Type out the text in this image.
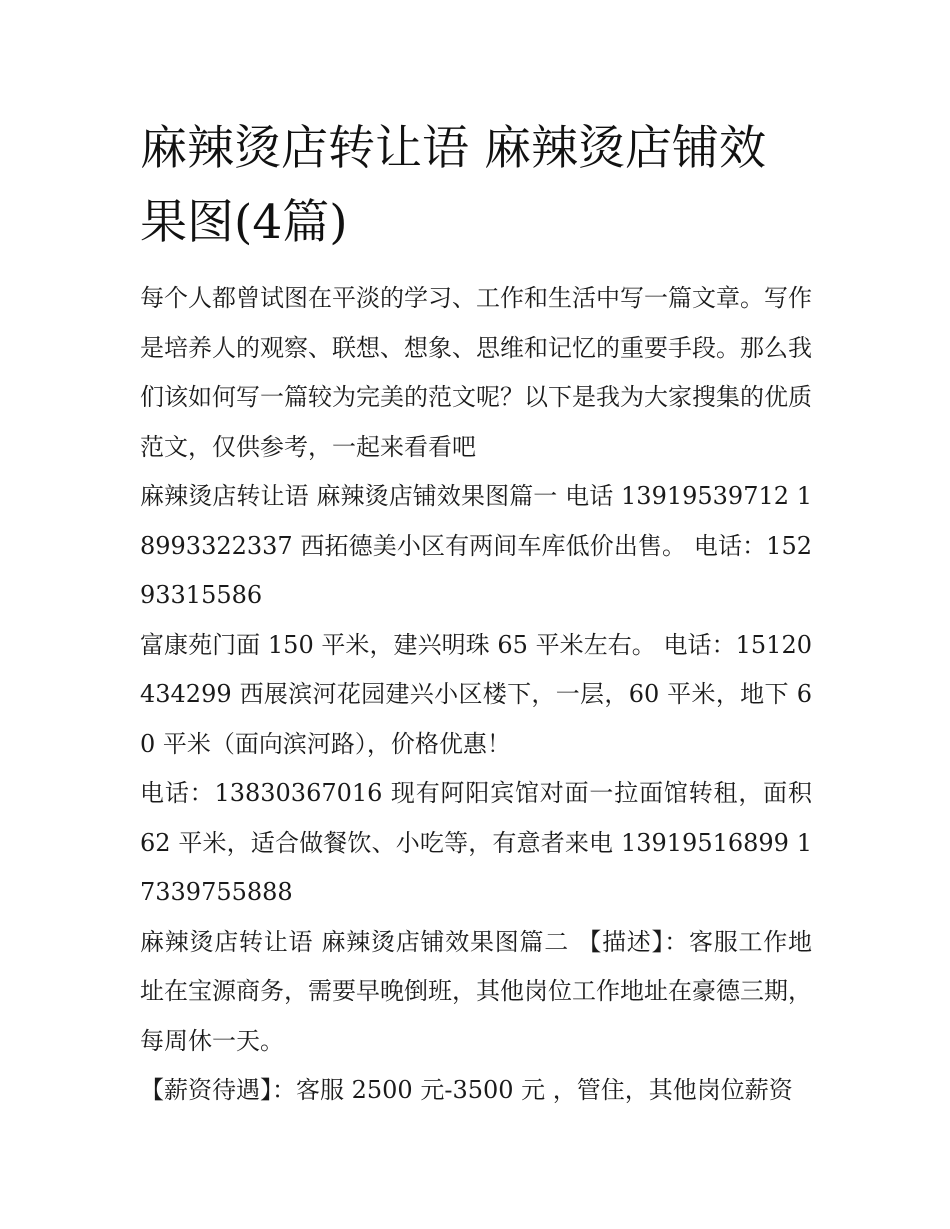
麻辣烫店转让语 麻辣烫店铺效果图(4篇)

每个人都曾试图在平淡的学习、工作和生活中写一篇文章。写作是培养人的观察、联想、想象、思维和记忆的重要手段。那么我们该如何写一篇较为完美的范文呢？以下是我为大家搜集的优质范文，仅供参考，一起来看看吧

麻辣烫店转让语 麻辣烫店铺效果图篇一 电话 13919539712 18993322337 西拓德美小区有两间车库低价出售。 电话：15293315586

富康苑门面 150 平米，建兴明珠 65 平米左右。 电话：15120434299 西展滨河花园建兴小区楼下，一层，60 平米，地下 60 平米（面向滨河路），价格优惠！

电话：13830367016 现有阿阳宾馆对面一拉面馆转租，面积 62 平米，适合做餐饮、小吃等，有意者来电 13919516899 17339755888

麻辣烫店转让语 麻辣烫店铺效果图篇二 【描述】：客服工作地址在宝源商务，需要早晚倒班，其他岗位工作地址在豪德三期，每周休一天。

【薪资待遇】：客服 2500 元-3500 元 ，管住，其他岗位薪资
